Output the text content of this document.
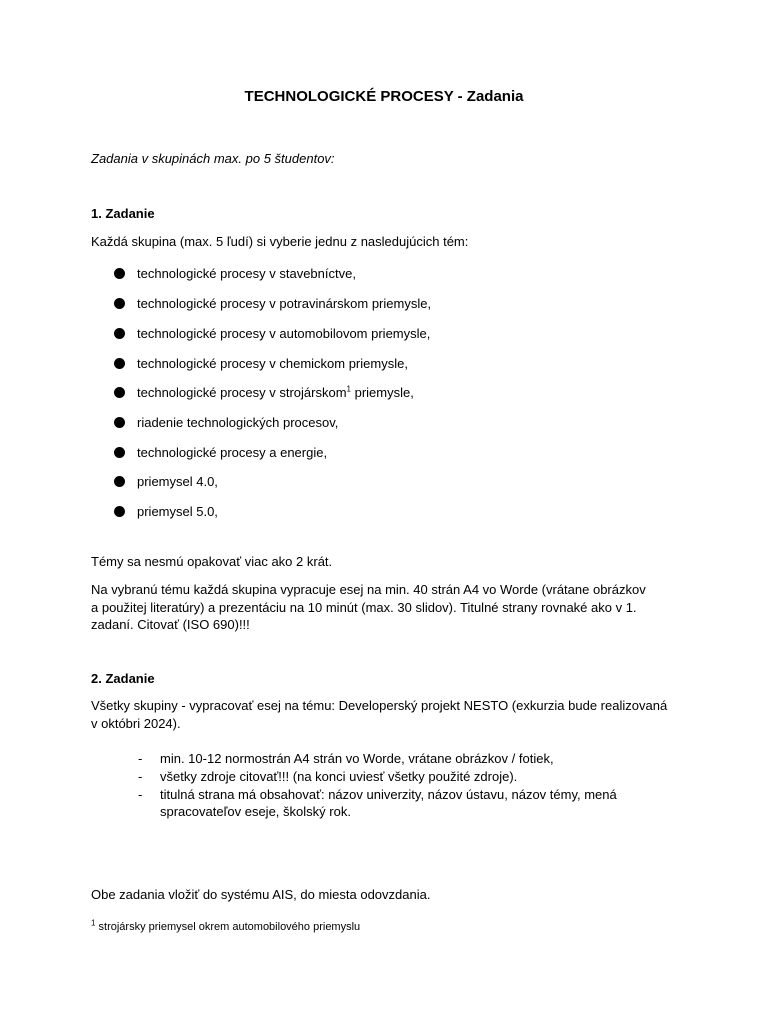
TECHNOLOGICKÉ PROCESY - Zadania
Zadania v skupinách max. po 5 študentov:
1. Zadanie
Každá skupina (max. 5 ľudí) si vyberie jednu z nasledujúcich tém:
technologické procesy v stavebníctve,
technologické procesy v potravinárskom priemysle,
technologické procesy v automobilovom priemysle,
technologické procesy v chemickom priemysle,
technologické procesy v strojárskom$^1$ priemysle,
riadenie technologických procesov,
technologické procesy a energie,
priemysel 4.0,
priemysel 5.0,
Témy sa nesmú opakovať viac ako 2 krát.
Na vybranú tému každá skupina vypracuje esej na min. 40 strán A4 vo Worde (vrátane obrázkov
a použitej literatúry) a prezentáciu na 10 minút (max. 30 slidov). Titulné strany rovnaké ako v 1.
zadaní. Citovať (ISO 690)!!!
2. Zadanie
Všetky skupiny - vypracovať esej na tému: Developerský projekt NESTO (exkurzia bude realizovaná
v októbri 2024).
- min. 10-12 normostrán A4 strán vo Worde, vrátane obrázkov / fotiek,
- všetky zdroje citovať!!! (na konci uviesť všetky použité zdroje).
- titulná strana má obsahovať: názov univerzity, názov ústavu, názov témy, mená
spracovateľov eseje, školský rok.
Obe zadania vložiť do systému AIS, do miesta odovzdania.
$^1$ strojársky priemysel okrem automobilového priemyslu
